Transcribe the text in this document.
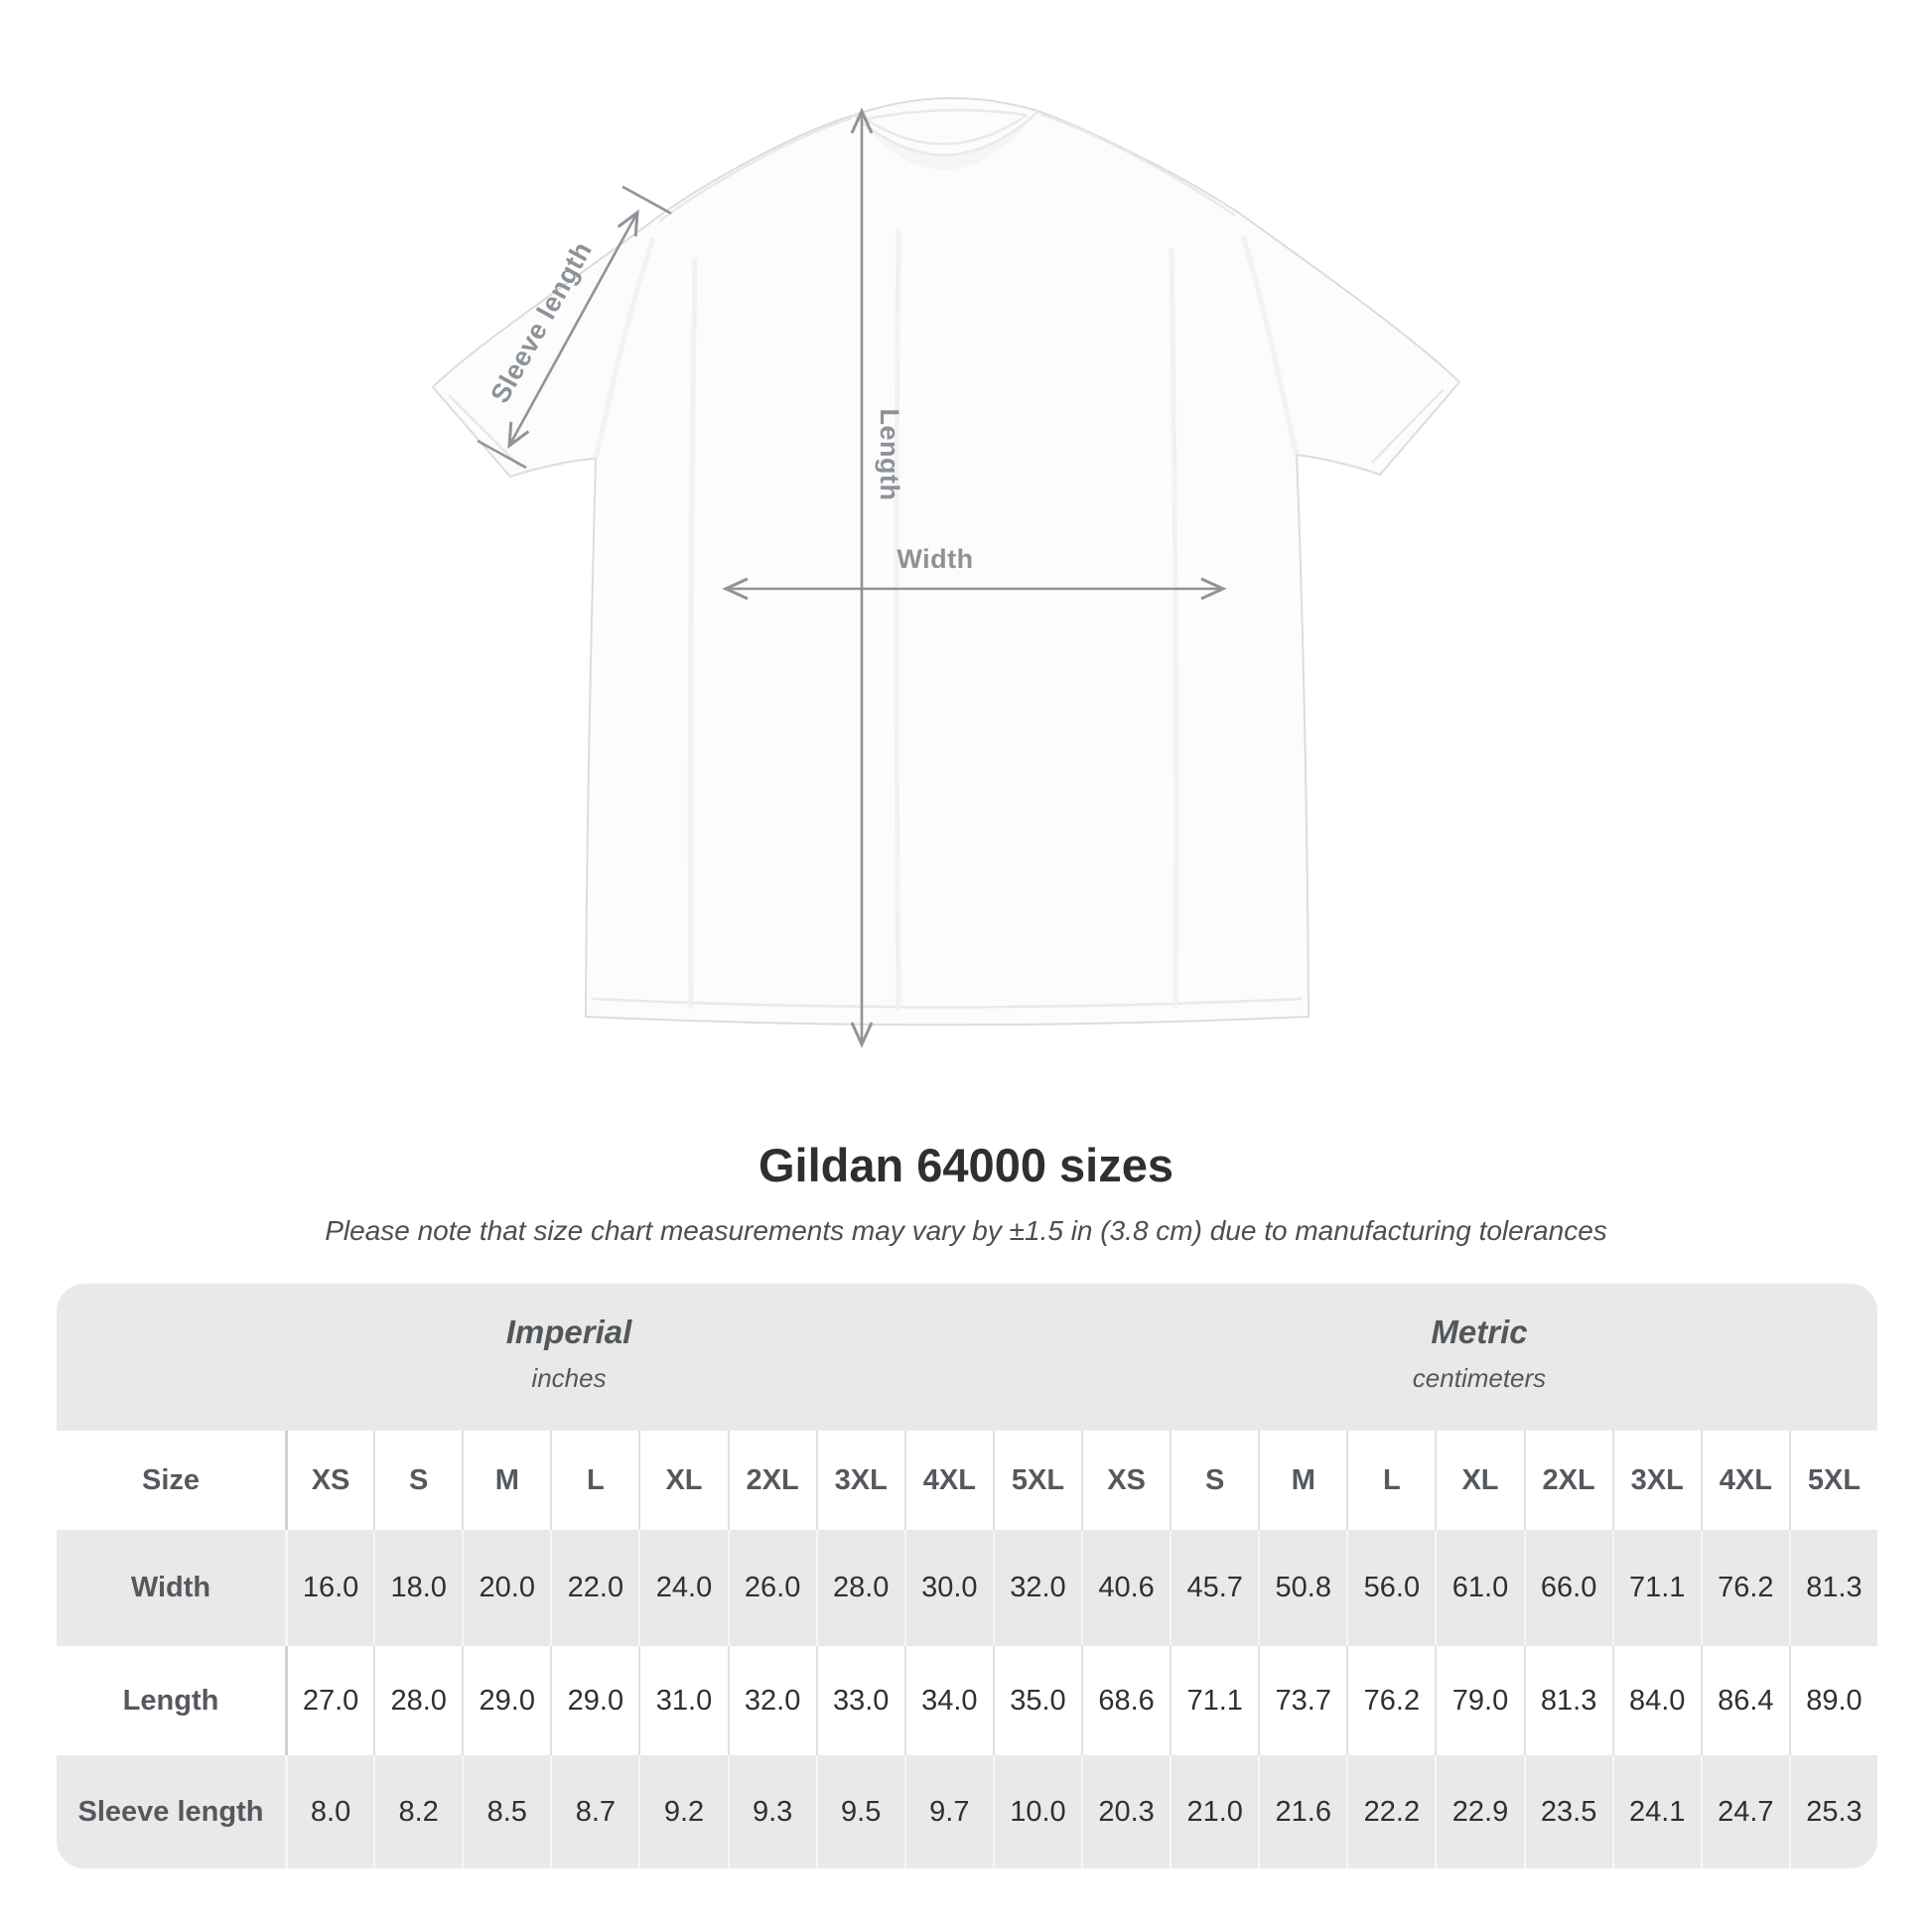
Sleeve length
Length
Width
Gildan 64000 sizes
Please note that size chart measurements may vary by ±1.5 in (3.8 cm) due to manufacturing tolerances
Imperial
inches
Metric
centimeters
Size	XS	S	M	L	XL	2XL	3XL	4XL	5XL	XS	S	M	L	XL	2XL	3XL	4XL	5XL
Width	16.0	18.0	20.0	22.0	24.0	26.0	28.0	30.0	32.0	40.6	45.7	50.8	56.0	61.0	66.0	71.1	76.2	81.3
Length	27.0	28.0	29.0	29.0	31.0	32.0	33.0	34.0	35.0	68.6	71.1	73.7	76.2	79.0	81.3	84.0	86.4	89.0
Sleeve length	8.0	8.2	8.5	8.7	9.2	9.3	9.5	9.7	10.0	20.3	21.0	21.6	22.2	22.9	23.5	24.1	24.7	25.3
